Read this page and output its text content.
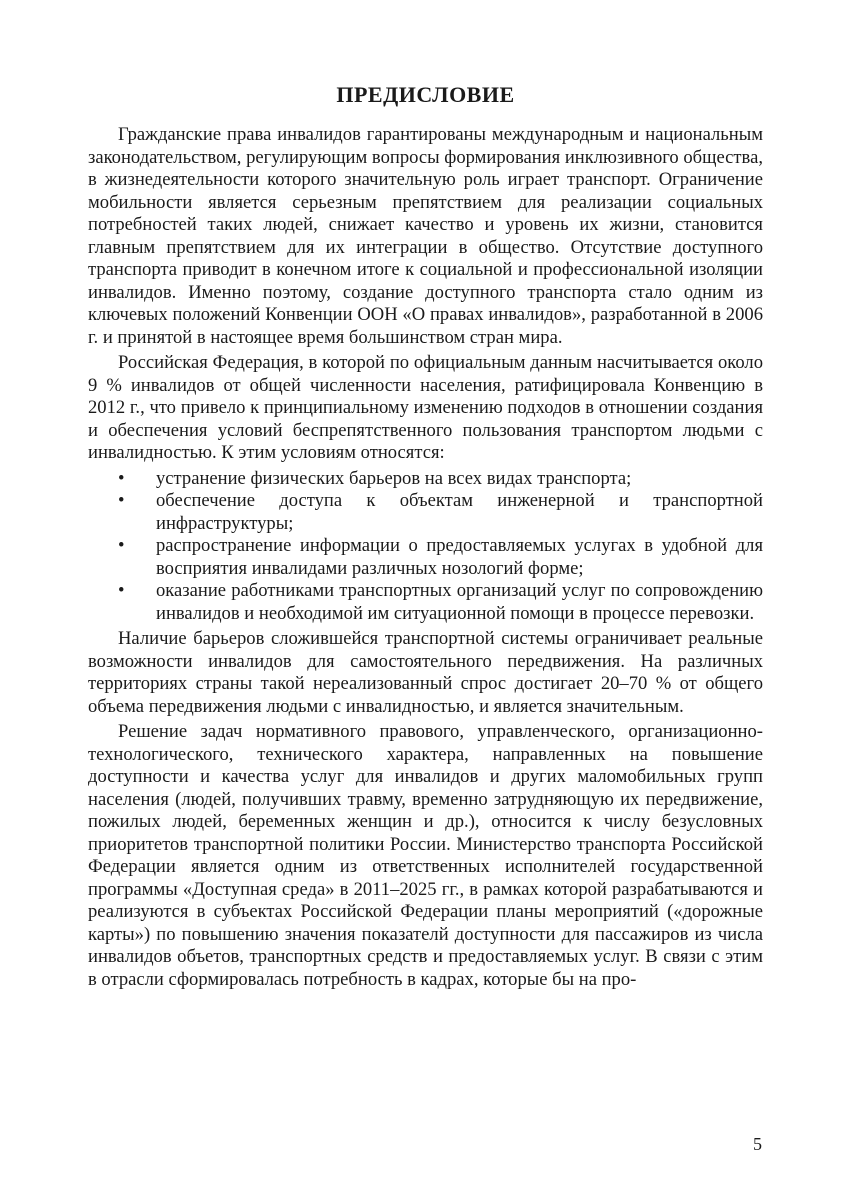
ПРЕДИСЛОВИЕ

Гражданские права инвалидов гарантированы международным и национальным законодательством, регулирующим вопросы формирования инклюзивного общества, в жизнедеятельности которого значительную роль играет транспорт. Ограничение мобильности является серьезным препятствием для реализации социальных потребностей таких людей, снижает качество и уровень их жизни, становится главным препятствием для их интеграции в общество. Отсутствие доступного транспорта приводит в конечном итоге к социальной и профессиональной изоляции инвалидов. Именно поэтому, создание доступного транспорта стало одним из ключевых положений Конвенции ООН «О правах инвалидов», разработанной в 2006 г. и принятой в настоящее время большинством стран мира.

Российская Федерация, в которой по официальным данным насчитывается около 9 % инвалидов от общей численности населения, ратифицировала Конвенцию в 2012 г., что привело к принципиальному изменению подходов в отношении создания и обеспечения условий беспрепятственного пользования транспортом людьми с инвалидностью. К этим условиям относятся:

• устранение физических барьеров на всех видах транспорта;
• обеспечение доступа к объектам инженерной и транспортной инфраструктуры;
• распространение информации о предоставляемых услугах в удобной для восприятия инвалидами различных нозологий форме;
• оказание работниками транспортных организаций услуг по сопровождению инвалидов и необходимой им ситуационной помощи в процессе перевозки.

Наличие барьеров сложившейся транспортной системы ограничивает реальные возможности инвалидов для самостоятельного передвижения. На различных территориях страны такой нереализованный спрос достигает 20–70 % от общего объема передвижения людьми с инвалидностью, и является значительным.

Решение задач нормативного правового, управленческого, организационно-технологического, технического характера, направленных на повышение доступности и качества услуг для инвалидов и других маломобильных групп населения (людей, получивших травму, временно затрудняющую их передвижение, пожилых людей, беременных женщин и др.), относится к числу безусловных приоритетов транспортной политики России. Министерство транспорта Российской Федерации является одним из ответственных исполнителей государственной программы «Доступная среда» в 2011–2025 гг., в рамках которой разрабатываются и реализуются в субъектах Российской Федерации планы мероприятий («дорожные карты») по повышению значения показателй доступности для пассажиров из числа инвалидов объетов, транспортных средств и предоставляемых услуг. В связи с этим в отрасли сформировалась потребность в кадрах, которые бы на про-

5
